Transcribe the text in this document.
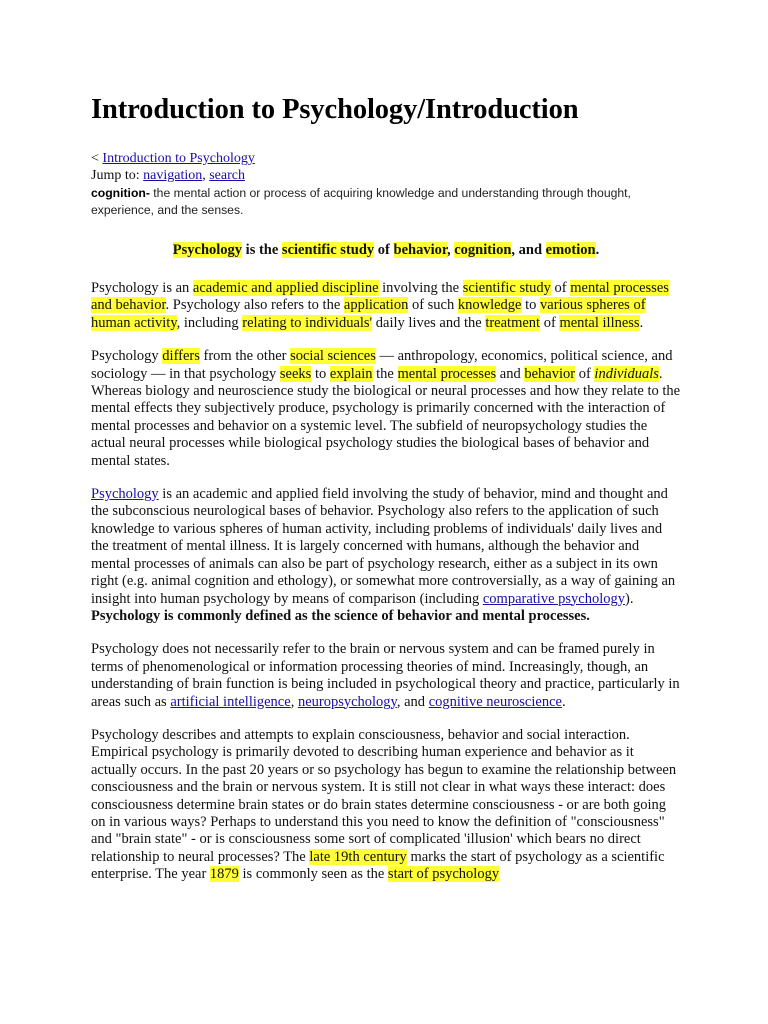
Introduction to Psychology/Introduction

< Introduction to Psychology

Jump to: navigation, search

cognition- the mental action or process of acquiring knowledge and understanding through thought, experience, and the senses.

Psychology is the scientific study of behavior, cognition, and emotion.

Psychology is an academic and applied discipline involving the scientific study of mental processes and behavior. Psychology also refers to the application of such knowledge to various spheres of human activity, including relating to individuals' daily lives and the treatment of mental illness.

Psychology differs from the other social sciences — anthropology, economics, political science, and sociology — in that psychology seeks to explain the mental processes and behavior of individuals. Whereas biology and neuroscience study the biological or neural processes and how they relate to the mental effects they subjectively produce, psychology is primarily concerned with the interaction of mental processes and behavior on a systemic level. The subfield of neuropsychology studies the actual neural processes while biological psychology studies the biological bases of behavior and mental states.

Psychology is an academic and applied field involving the study of behavior, mind and thought and the subconscious neurological bases of behavior. Psychology also refers to the application of such knowledge to various spheres of human activity, including problems of individuals' daily lives and the treatment of mental illness. It is largely concerned with humans, although the behavior and mental processes of animals can also be part of psychology research, either as a subject in its own right (e.g. animal cognition and ethology), or somewhat more controversially, as a way of gaining an insight into human psychology by means of comparison (including comparative psychology). Psychology is commonly defined as the science of behavior and mental processes.

Psychology does not necessarily refer to the brain or nervous system and can be framed purely in terms of phenomenological or information processing theories of mind. Increasingly, though, an understanding of brain function is being included in psychological theory and practice, particularly in areas such as artificial intelligence, neuropsychology, and cognitive neuroscience.

Psychology describes and attempts to explain consciousness, behavior and social interaction. Empirical psychology is primarily devoted to describing human experience and behavior as it actually occurs. In the past 20 years or so psychology has begun to examine the relationship between consciousness and the brain or nervous system. It is still not clear in what ways these interact: does consciousness determine brain states or do brain states determine consciousness - or are both going on in various ways? Perhaps to understand this you need to know the definition of "consciousness" and "brain state" - or is consciousness some sort of complicated 'illusion' which bears no direct relationship to neural processes? The late 19th century marks the start of psychology as a scientific enterprise. The year 1879 is commonly seen as the start of psychology
